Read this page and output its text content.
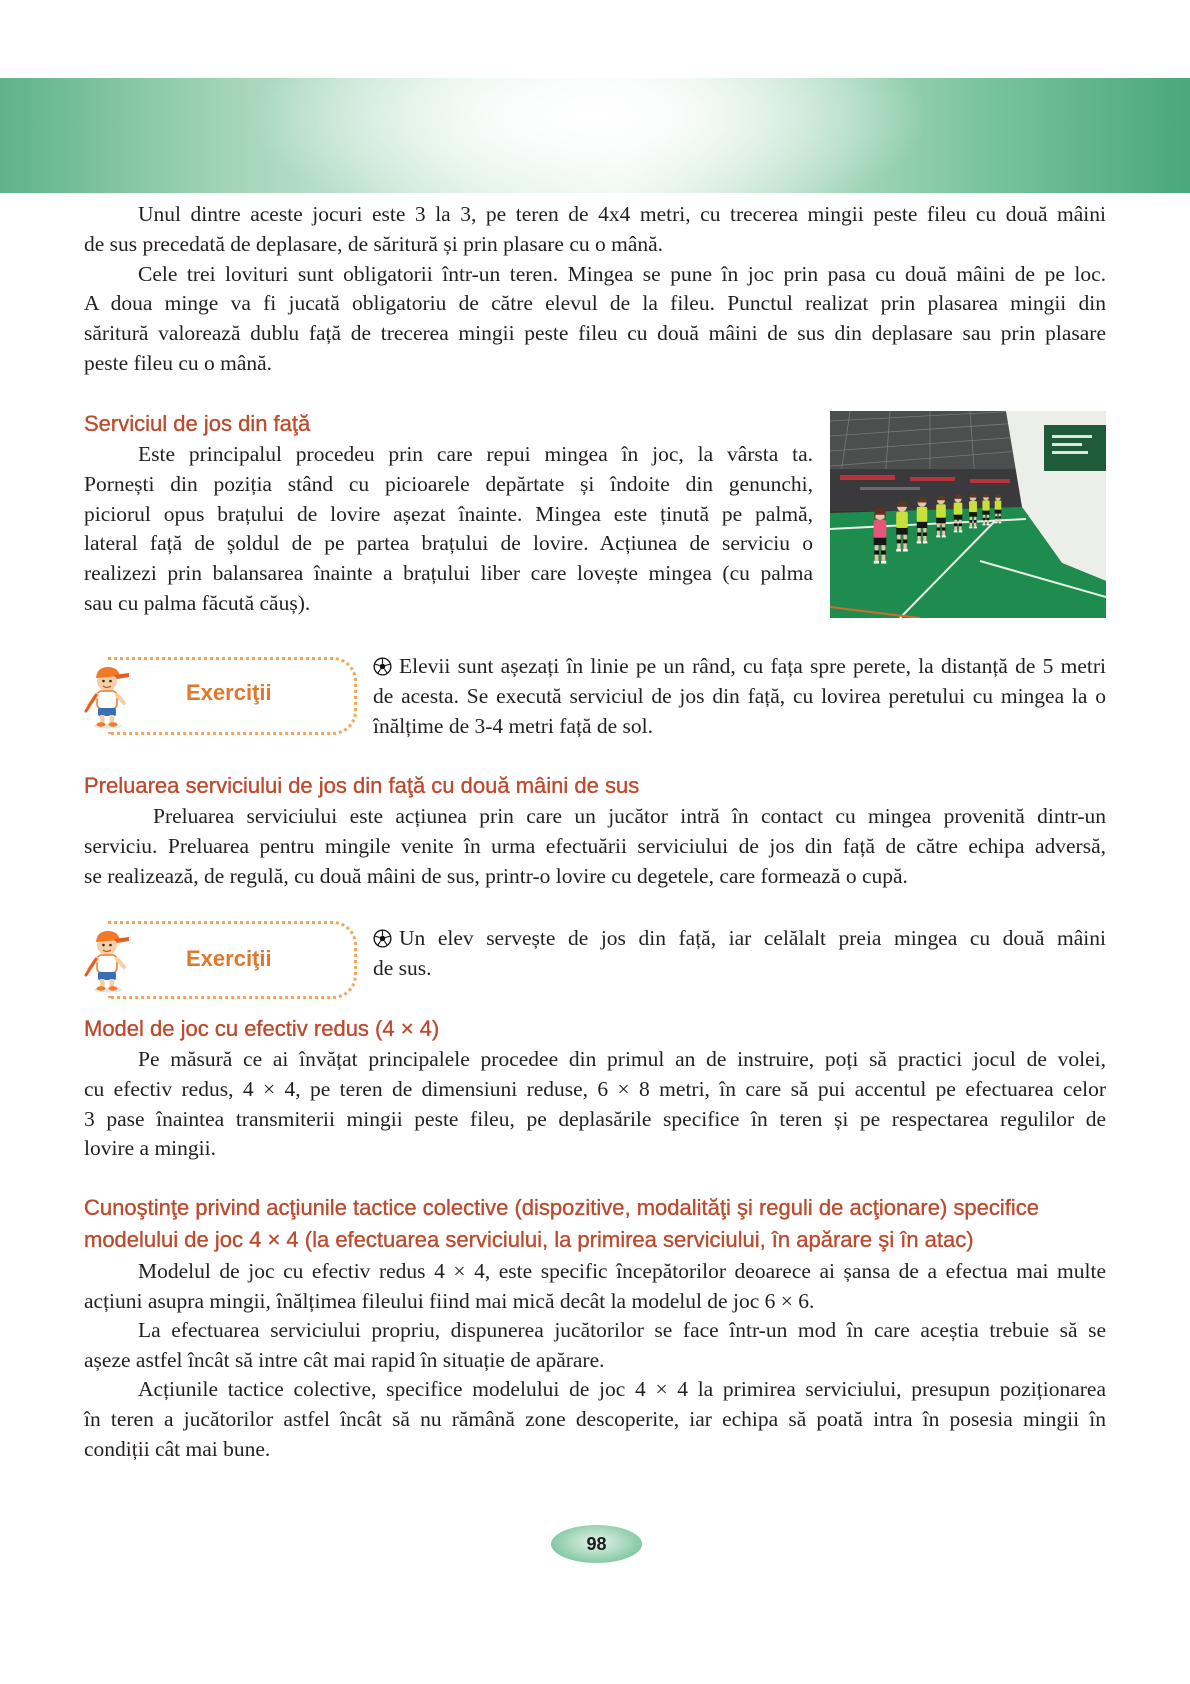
Unul dintre aceste jocuri este 3 la 3, pe teren de 4x4 metri, cu trecerea mingii peste fileu cu două mâini
de sus precedată de deplasare, de săritură și prin plasare cu o mână.
Cele trei lovituri sunt obligatorii într-un teren. Mingea se pune în joc prin pasa cu două mâini de pe loc.
A doua minge va fi jucată obligatoriu de către elevul de la fileu. Punctul realizat prin plasarea mingii din
săritură valorează dublu față de trecerea mingii peste fileu cu două mâini de sus din deplasare sau prin plasare
peste fileu cu o mână.
Serviciul de jos din faţă
Este principalul procedeu prin care repui mingea în joc, la vârsta ta.
Pornești din poziția stând cu picioarele depărtate și îndoite din genunchi,
piciorul opus brațului de lovire așezat înainte. Mingea este ținută pe palmă,
lateral față de șoldul de pe partea brațului de lovire. Acțiunea de serviciu o
realizezi prin balansarea înainte a brațului liber care lovește mingea (cu palma
sau cu palma făcută căuș).
Exerciţii
Elevii sunt așezați în linie pe un rând, cu fața spre perete, la distanță de 5 metri
de acesta. Se execută serviciul de jos din față, cu lovirea peretului cu mingea la o
înălțime de 3-4 metri față de sol.
Preluarea serviciului de jos din faţă cu două mâini de sus
Preluarea serviciului este acțiunea prin care un jucător intră în contact cu mingea provenită dintr-un
serviciu. Preluarea pentru mingile venite în urma efectuării serviciului de jos din față de către echipa adversă,
se realizează, de regulă, cu două mâini de sus, printr-o lovire cu degetele, care formează o cupă.
Exerciţii
Un elev servește de jos din față, iar celălalt preia mingea cu două mâini
de sus.
Model de joc cu efectiv redus (4 × 4)
Pe măsură ce ai învățat principalele procedee din primul an de instruire, poți să practici jocul de volei,
cu efectiv redus, 4 × 4, pe teren de dimensiuni reduse, 6 × 8 metri, în care să pui accentul pe efectuarea celor
3 pase înaintea transmiterii mingii peste fileu, pe deplasările specifice în teren și pe respectarea regulilor de
lovire a mingii.
Cunoştinţe privind acţiunile tactice colective (dispozitive, modalităţi şi reguli de acţionare) specifice
modelului de joc 4 × 4 (la efectuarea serviciului, la primirea serviciului, în apărare şi în atac)
Modelul de joc cu efectiv redus 4 × 4, este specific începătorilor deoarece ai șansa de a efectua mai multe
acțiuni asupra mingii, înălțimea fileului fiind mai mică decât la modelul de joc 6 × 6.
La efectuarea serviciului propriu, dispunerea jucătorilor se face într-un mod în care aceștia trebuie să se
așeze astfel încât să intre cât mai rapid în situație de apărare.
Acțiunile tactice colective, specifice modelului de joc 4 × 4 la primirea serviciului, presupun poziționarea
în teren a jucătorilor astfel încât să nu rămână zone descoperite, iar echipa să poată intra în posesia mingii în
condiții cât mai bune.
98
